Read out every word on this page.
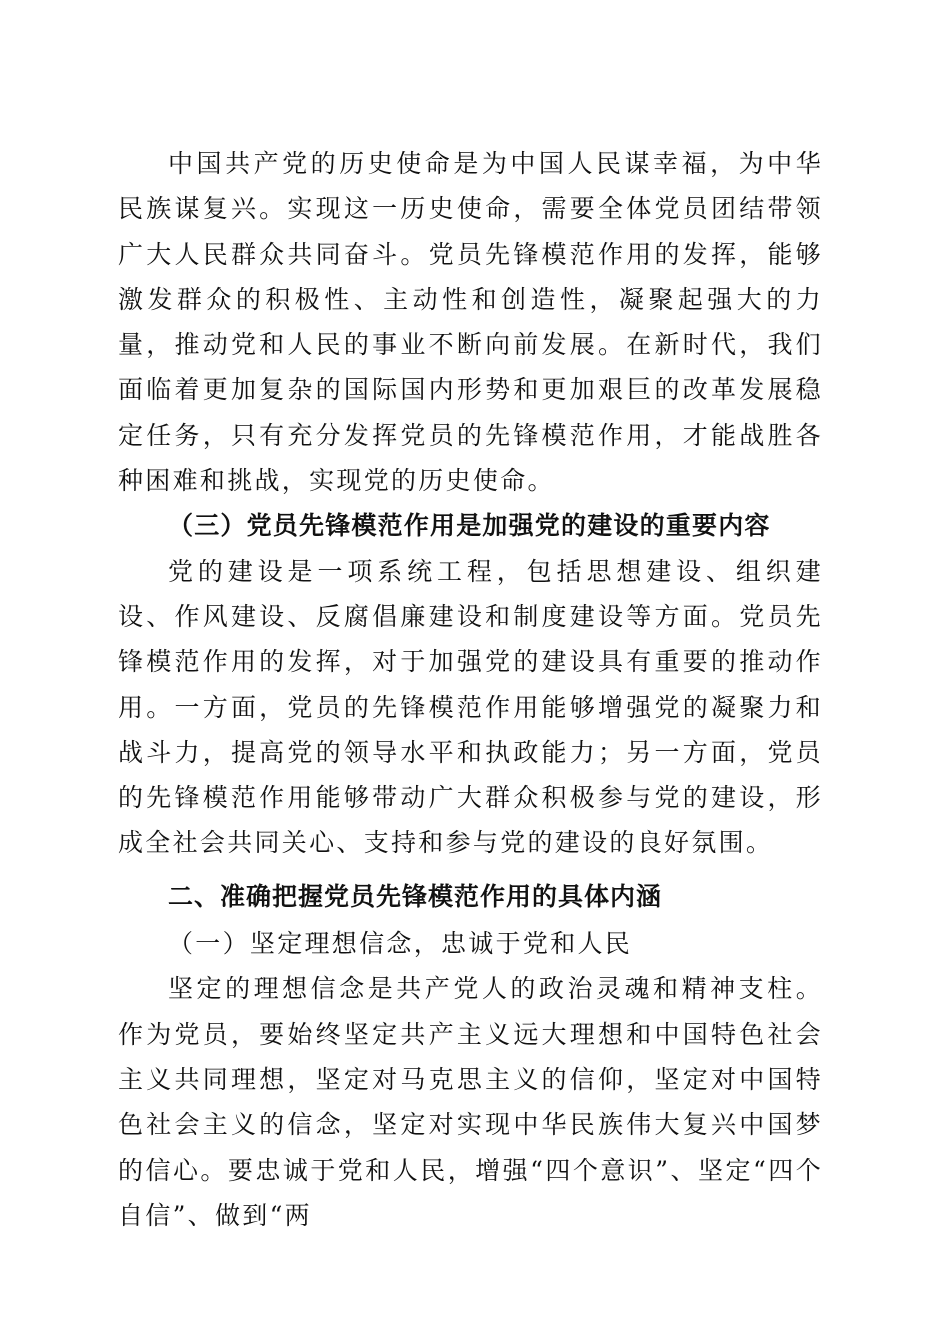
中国共产党的历史使命是为中国人民谋幸福，为中华民族谋复兴。实现这一历史使命，需要全体党员团结带领广大人民群众共同奋斗。党员先锋模范作用的发挥，能够激发群众的积极性、主动性和创造性，凝聚起强大的力量，推动党和人民的事业不断向前发展。在新时代，我们面临着更加复杂的国际国内形势和更加艰巨的改革发展稳定任务，只有充分发挥党员的先锋模范作用，才能战胜各种困难和挑战，实现党的历史使命。

（三）党员先锋模范作用是加强党的建设的重要内容

党的建设是一项系统工程，包括思想建设、组织建设、作风建设、反腐倡廉建设和制度建设等方面。党员先锋模范作用的发挥，对于加强党的建设具有重要的推动作用。一方面，党员的先锋模范作用能够增强党的凝聚力和战斗力，提高党的领导水平和执政能力；另一方面，党员的先锋模范作用能够带动广大群众积极参与党的建设，形成全社会共同关心、支持和参与党的建设的良好氛围。

二、准确把握党员先锋模范作用的具体内涵

（一）坚定理想信念，忠诚于党和人民

坚定的理想信念是共产党人的政治灵魂和精神支柱。作为党员，要始终坚定共产主义远大理想和中国特色社会主义共同理想，坚定对马克思主义的信仰，坚定对中国特色社会主义的信念，坚定对实现中华民族伟大复兴中国梦的信心。要忠诚于党和人民，增强“四个意识”、坚定“四个自信”、做到“两
